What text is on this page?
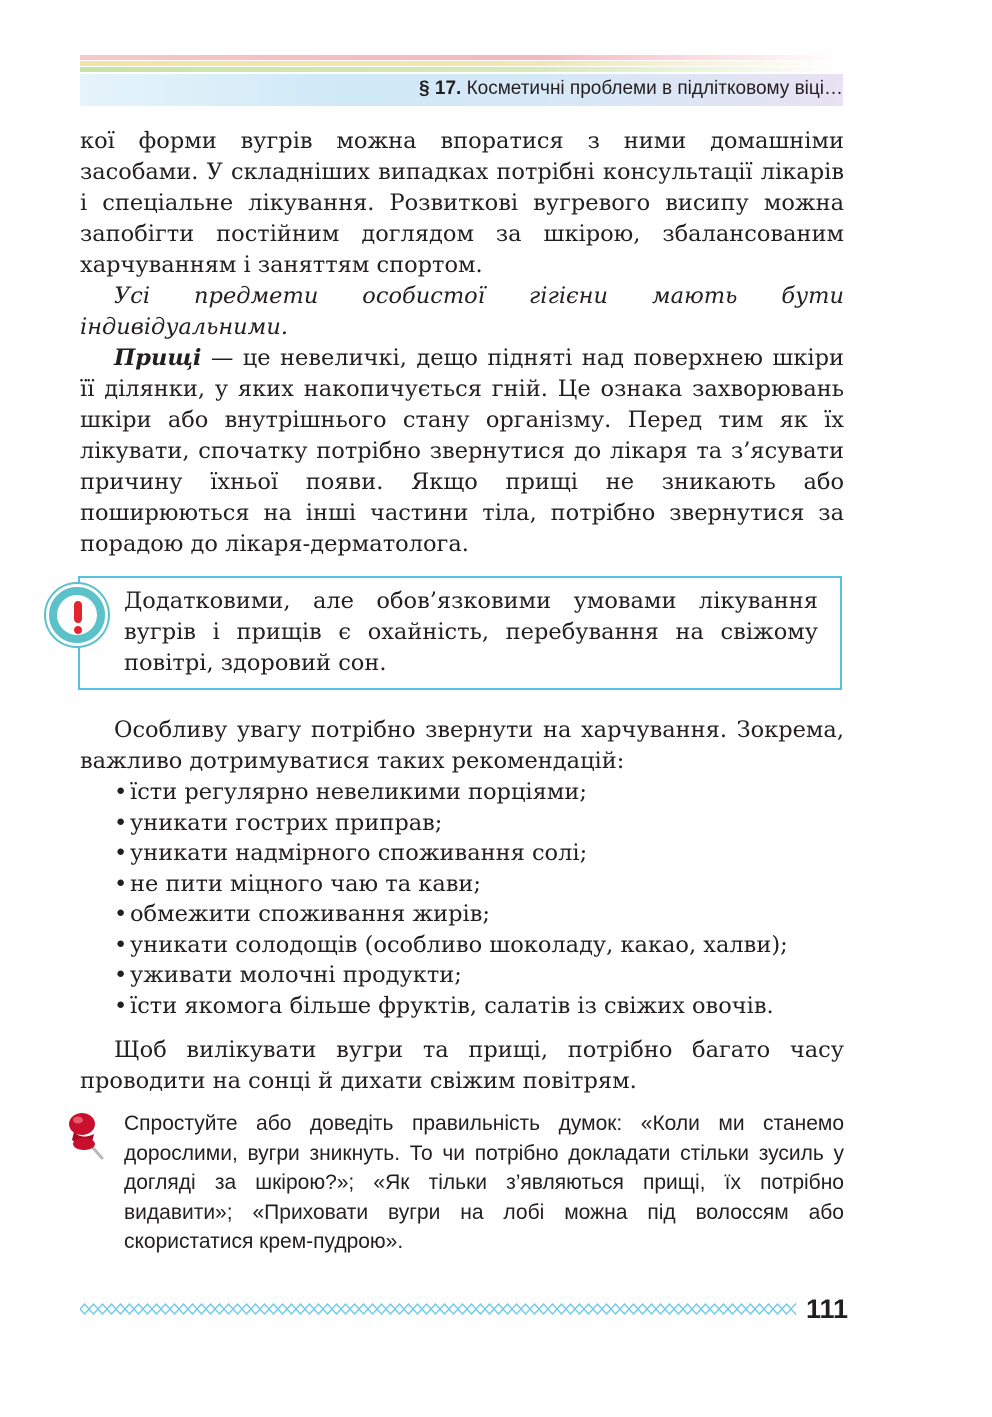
§ 17. Косметичні проблеми в підлітковому віці…

кої форми вугрів можна впоратися з ними домашніми засобами. У складніших випадках потрібні консультації лікарів і спеціальне лікування. Розвиткові вугревого висипу можна запобігти постійним доглядом за шкірою, збалансованим харчуванням і заняттям спортом.

Усі предмети особистої гігієни мають бути індивідуальними.

Прищі — це невеличкі, дещо підняті над поверхнею шкіри її ділянки, у яких накопичується гній. Це ознака захворювань шкіри або внутрішнього стану організму. Перед тим як їх лікувати, спочатку потрібно звернутися до лікаря та з’ясувати причину їхньої появи. Якщо прищі не зникають або поширюються на інші частини тіла, потрібно звернутися за порадою до лікаря-дерматолога.

Додатковими, але обов’язковими умовами лікування вугрів і прищів є охайність, перебування на свіжому повітрі, здоровий сон.

Особливу увагу потрібно звернути на харчування. Зокрема, важливо дотримуватися таких рекомендацій:

• їсти регулярно невеликими порціями;
• уникати гострих приправ;
• уникати надмірного споживання солі;
• не пити міцного чаю та кави;
• обмежити споживання жирів;
• уникати солодощів (особливо шоколаду, какао, халви);
• уживати молочні продукти;
• їсти якомога більше фруктів, салатів із свіжих овочів.

Щоб вилікувати вугри та прищі, потрібно багато часу проводити на сонці й дихати свіжим повітрям.

Спростуйте або доведіть правильність думок: «Коли ми станемо дорослими, вугри зникнуть. То чи потрібно докладати стільки зусиль у догляді за шкірою?»; «Як тільки з’являються прищі, їх потрібно видавити»; «Приховати вугри на лобі можна під волоссям або скористатися крем-пудрою».
111
